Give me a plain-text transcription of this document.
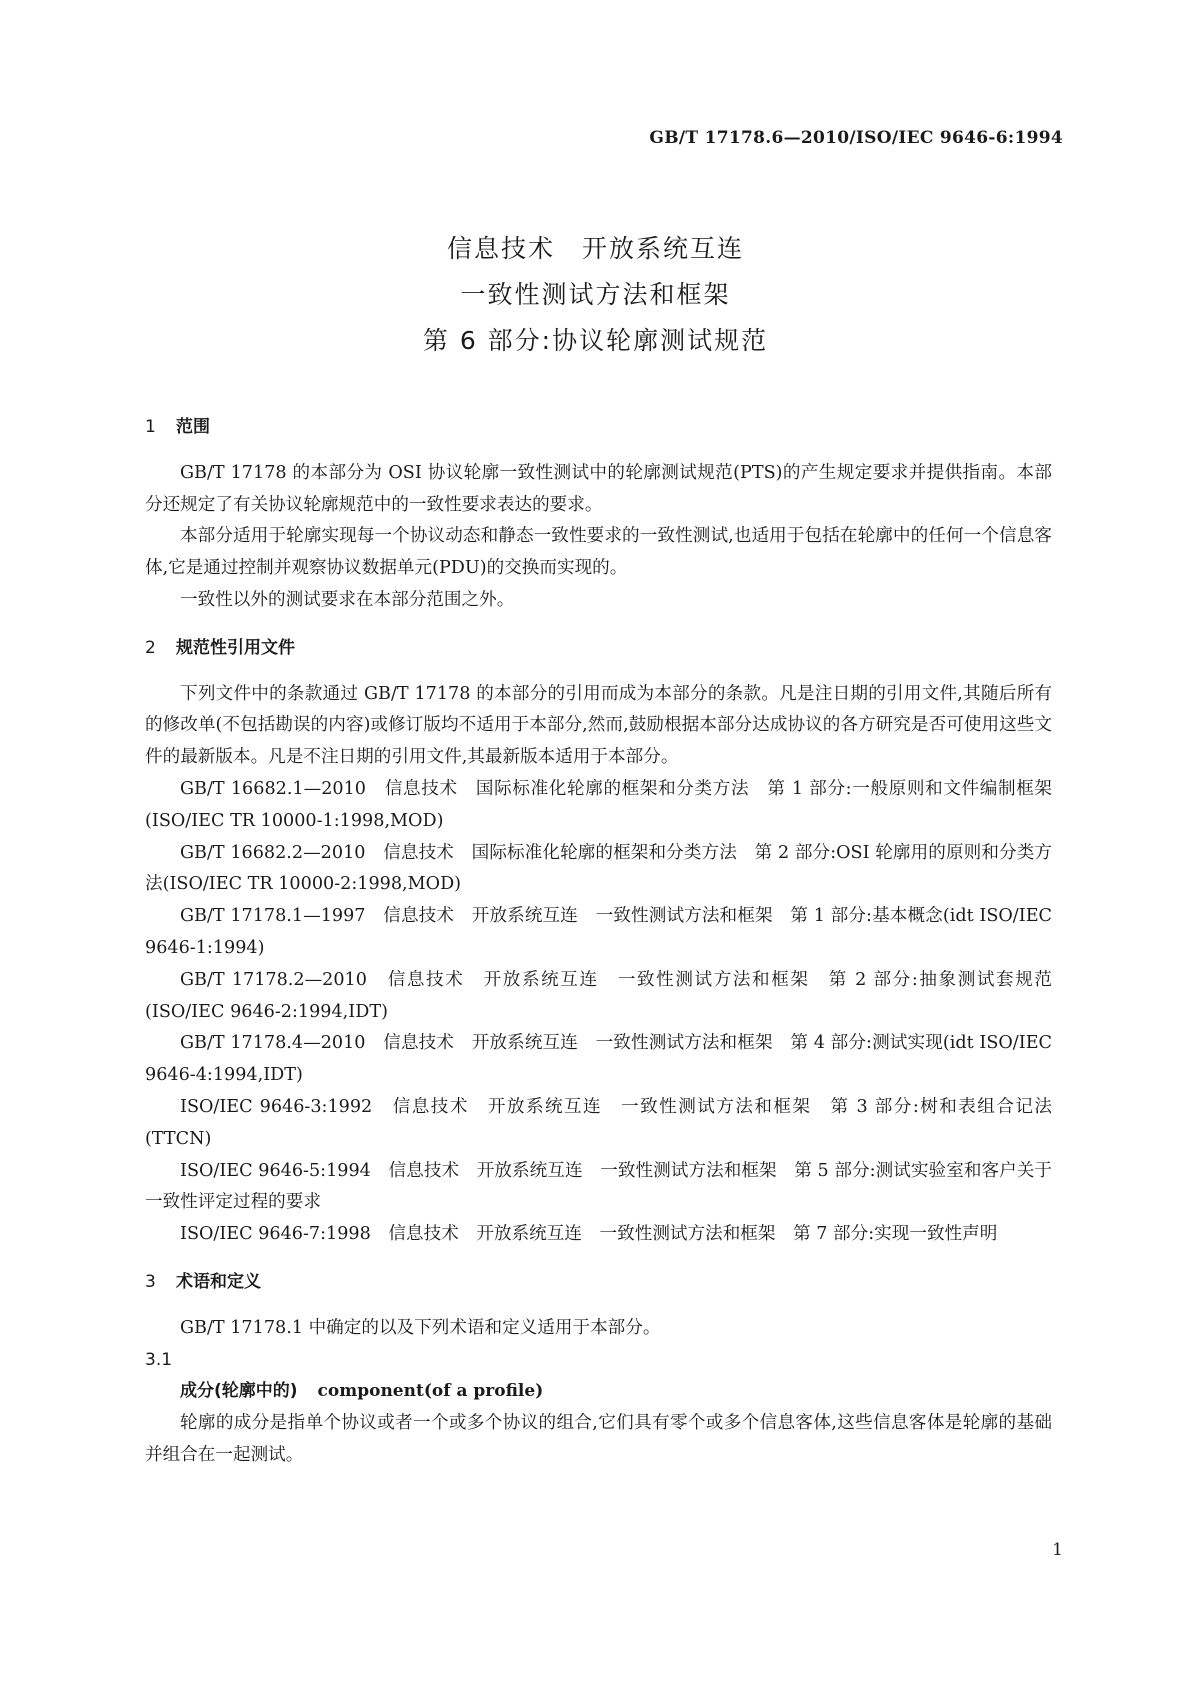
GB/T 17178.6—2010/ISO/IEC 9646-6:1994
信息技术　开放系统互连
一致性测试方法和框架
第 6 部分:协议轮廓测试规范
1 范围

GB/T 17178 的本部分为 OSI 协议轮廓一致性测试中的轮廓测试规范(PTS)的产生规定要求并提供指南。本部分还规定了有关协议轮廓规范中的一致性要求表达的要求。

本部分适用于轮廓实现每一个协议动态和静态一致性要求的一致性测试,也适用于包括在轮廓中的任何一个信息客体,它是通过控制并观察协议数据单元(PDU)的交换而实现的。

一致性以外的测试要求在本部分范围之外。

2 规范性引用文件

下列文件中的条款通过 GB/T 17178 的本部分的引用而成为本部分的条款。凡是注日期的引用文件,其随后所有的修改单(不包括勘误的内容)或修订版均不适用于本部分,然而,鼓励根据本部分达成协议的各方研究是否可使用这些文件的最新版本。凡是不注日期的引用文件,其最新版本适用于本部分。

GB/T 16682.1—2010　信息技术　国际标准化轮廓的框架和分类方法　第 1 部分:一般原则和文件编制框架(ISO/IEC TR 10000-1:1998,MOD)

GB/T 16682.2—2010　信息技术　国际标准化轮廓的框架和分类方法　第 2 部分:OSI 轮廓用的原则和分类方法(ISO/IEC TR 10000-2:1998,MOD)

GB/T 17178.1—1997　信息技术　开放系统互连　一致性测试方法和框架　第 1 部分:基本概念(idt ISO/IEC 9646-1:1994)

GB/T 17178.2—2010　信息技术　开放系统互连　一致性测试方法和框架　第 2 部分:抽象测试套规范(ISO/IEC 9646-2:1994,IDT)

GB/T 17178.4—2010　信息技术　开放系统互连　一致性测试方法和框架　第 4 部分:测试实现(idt ISO/IEC 9646-4:1994,IDT)

ISO/IEC 9646-3:1992　信息技术　开放系统互连　一致性测试方法和框架　第 3 部分:树和表组合记法(TTCN)

ISO/IEC 9646-5:1994　信息技术　开放系统互连　一致性测试方法和框架　第 5 部分:测试实验室和客户关于一致性评定过程的要求

ISO/IEC 9646-7:1998　信息技术　开放系统互连　一致性测试方法和框架　第 7 部分:实现一致性声明

3 术语和定义

GB/T 17178.1 中确定的以及下列术语和定义适用于本部分。

3.1
成分(轮廓中的) component(of a profile)

轮廓的成分是指单个协议或者一个或多个协议的组合,它们具有零个或多个信息客体,这些信息客体是轮廓的基础并组合在一起测试。

1
